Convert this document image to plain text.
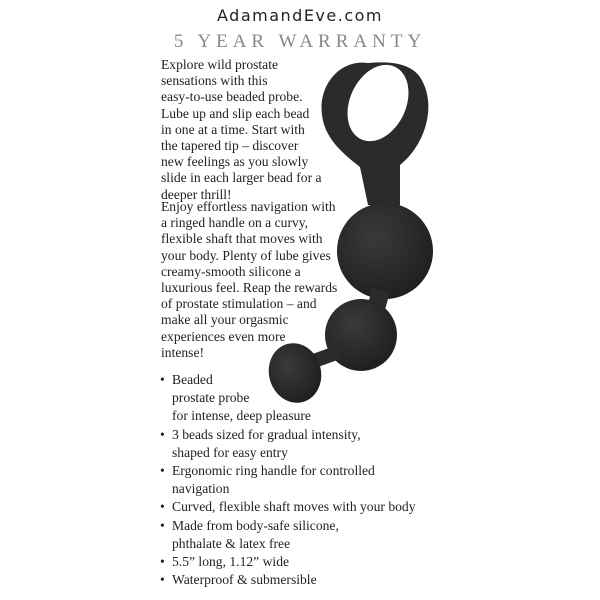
AdamandEve.com
5 YEAR WARRANTY
Explore wild prostate
sensations with this
easy-to-use beaded probe.
Lube up and slip each bead
in one at a time. Start with
the tapered tip – discover
new feelings as you slowly
slide in each larger bead for a
deeper thrill!
Enjoy effortless navigation with
a ringed handle on a curvy,
flexible shaft that moves with
your body. Plenty of lube gives
creamy-smooth silicone a
luxurious feel. Reap the rewards
of prostate stimulation – and
make all your orgasmic
experiences even more
intense!
• Beaded
prostate probe
for intense, deep pleasure
• 3 beads sized for gradual intensity,
shaped for easy entry
• Ergonomic ring handle for controlled
navigation
• Curved, flexible shaft moves with your body
• Made from body-safe silicone,
phthalate & latex free
• 5.5” long, 1.12” wide
• Waterproof & submersible
